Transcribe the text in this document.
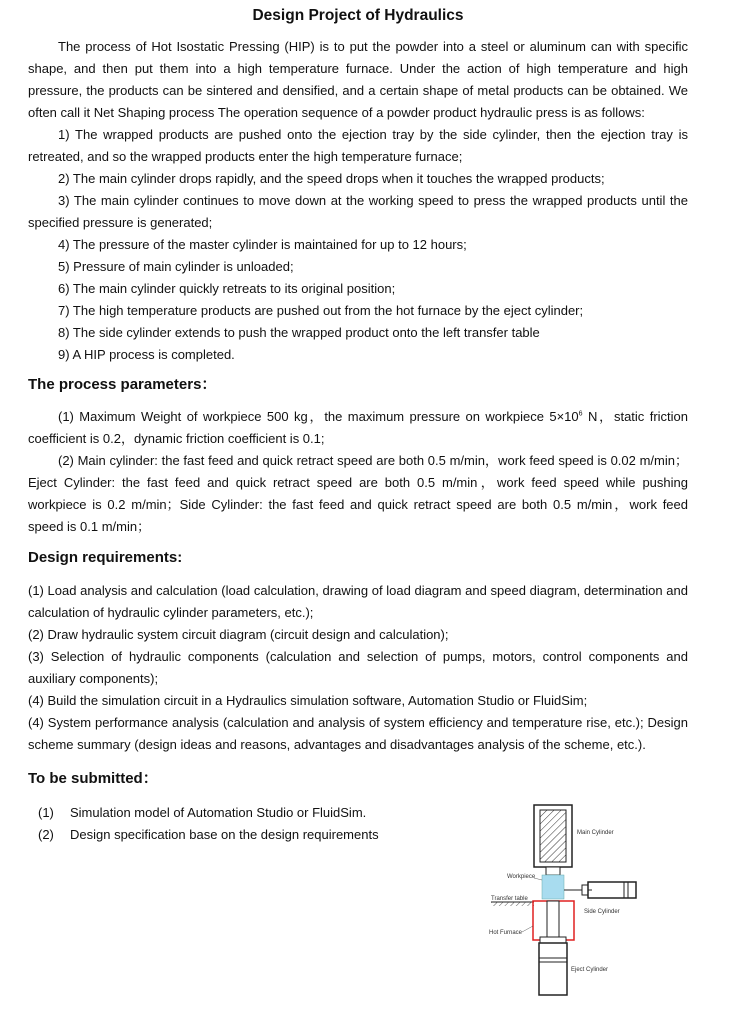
Design Project of Hydraulics

The process of Hot Isostatic Pressing (HIP) is to put the powder into a steel or aluminum can with specific shape, and then put them into a high temperature furnace. Under the action of high temperature and high pressure, the products can be sintered and densified, and a certain shape of metal products can be obtained. We often call it Net Shaping process The operation sequence of a powder product hydraulic press is as follows:

1) The wrapped products are pushed onto the ejection tray by the side cylinder, then the ejection tray is retreated, and so the wrapped products enter the high temperature furnace;

2) The main cylinder drops rapidly, and the speed drops when it touches the wrapped products;

3) The main cylinder continues to move down at the working speed to press the wrapped products until the specified pressure is generated;

4) The pressure of the master cylinder is maintained for up to 12 hours;

5) Pressure of main cylinder is unloaded;

6) The main cylinder quickly retreats to its original position;

7) The high temperature products are pushed out from the hot furnace by the eject cylinder;

8) The side cylinder extends to push the wrapped product onto the left transfer table

9) A HIP process is completed.

The process parameters：

(1) Maximum Weight of workpiece 500 kg，the maximum pressure on workpiece $5\times 10^6$ N，static friction coefficient is 0.2，dynamic friction coefficient is 0.1;

(2) Main cylinder: the fast feed and quick retract speed are both 0.5 m/min，work feed speed is 0.02 m/min；Eject Cylinder: the fast feed and quick retract speed are both 0.5 m/min，work feed speed while pushing workpiece is 0.2 m/min；Side Cylinder: the fast feed and quick retract speed are both 0.5 m/min，work feed speed is 0.1 m/min；

Design requirements:

(1) Load analysis and calculation (load calculation, drawing of load diagram and speed diagram, determination and calculation of hydraulic cylinder parameters, etc.);

(2) Draw hydraulic system circuit diagram (circuit design and calculation);

(3) Selection of hydraulic components (calculation and selection of pumps, motors, control components and auxiliary components);

(4) Build the simulation circuit in a Hydraulics simulation software, Automation Studio or FluidSim;

(4) System performance analysis (calculation and analysis of system efficiency and temperature rise, etc.); Design scheme summary (design ideas and reasons, advantages and disadvantages analysis of the scheme, etc.).

To be submitted：

(1) Simulation model of Automation Studio or FluidSim.

(2) Design specification base on the design requirements	Main Cylinder
Workpiece
Transfer table
Side Cylinder
Hot Furnace
Eject Cylinder
